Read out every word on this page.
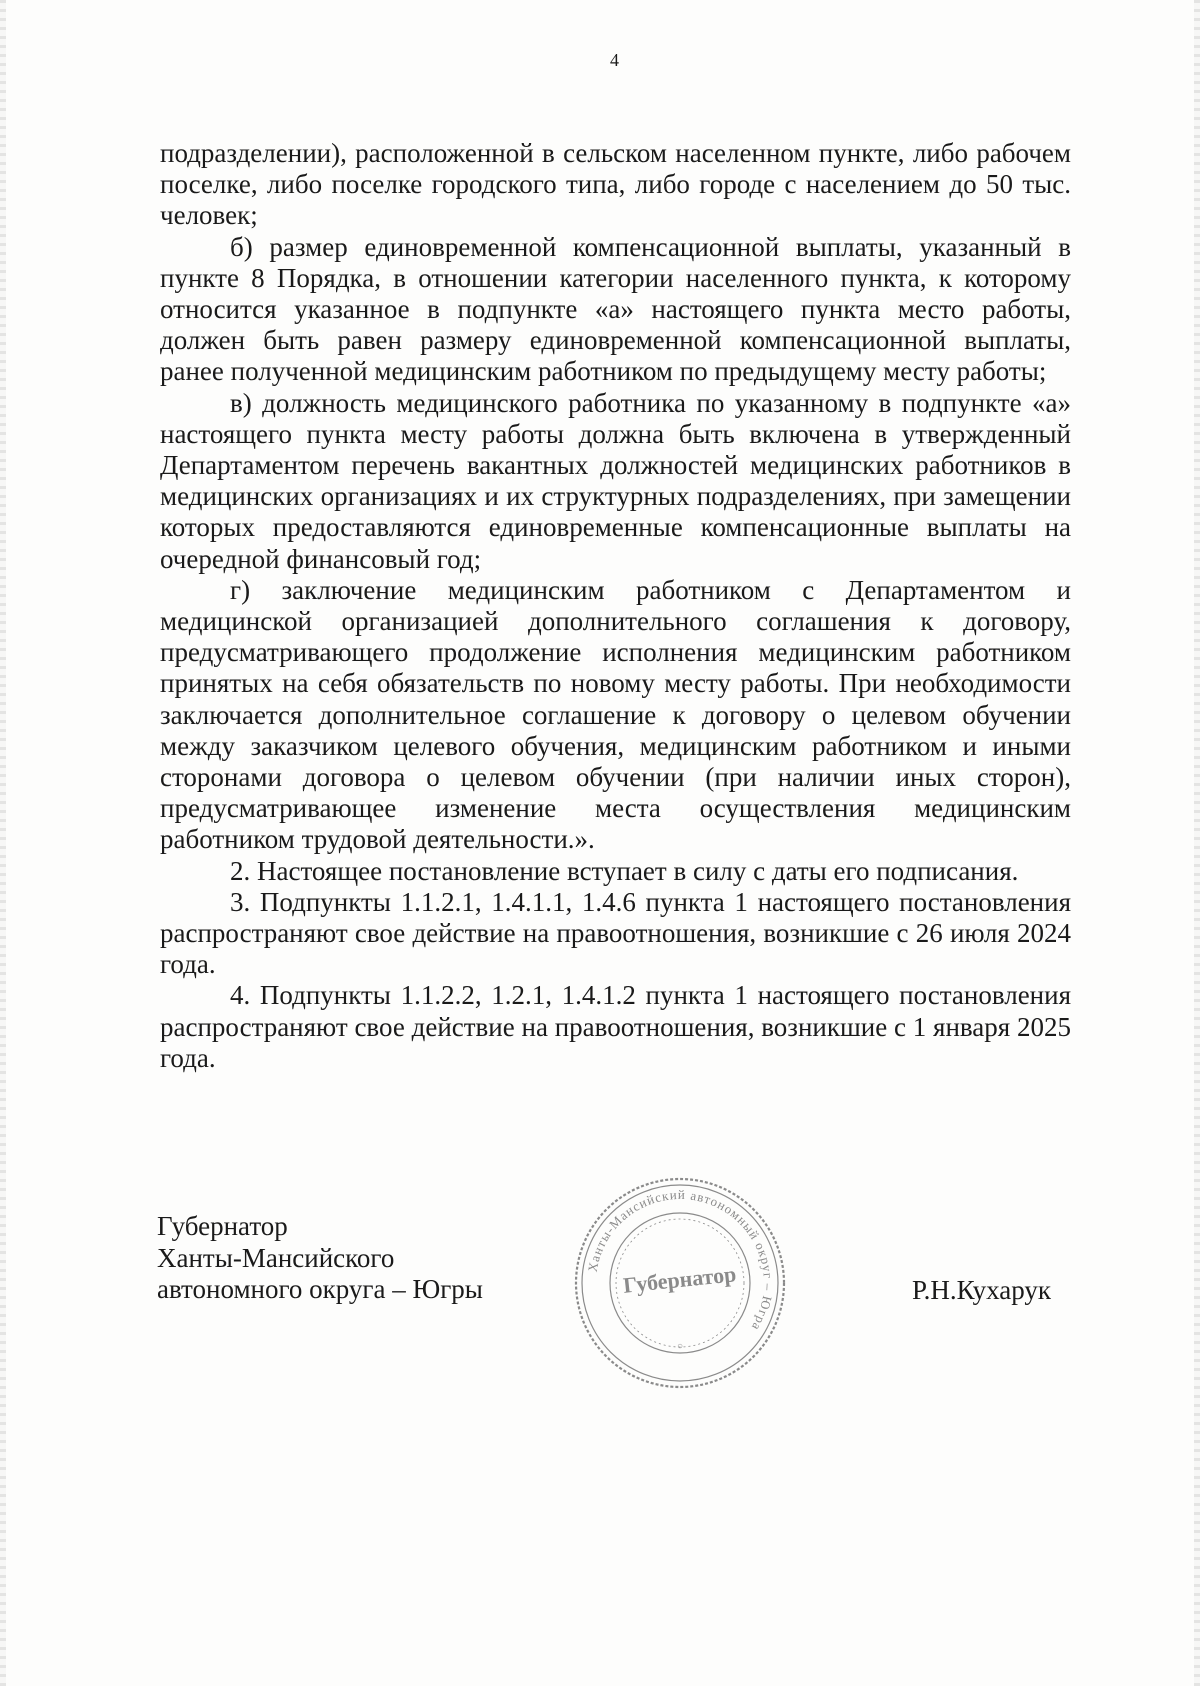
4

подразделении), расположенной в сельском населенном пункте, либо рабочем поселке, либо поселке городского типа, либо городе с населением до 50 тыс. человек;

б) размер единовременной компенсационной выплаты, указанный в пункте 8 Порядка, в отношении категории населенного пункта, к которому относится указанное в подпункте «а» настоящего пункта место работы, должен быть равен размеру единовременной компенсационной выплаты, ранее полученной медицинским работником по предыдущему месту работы;

в) должность медицинского работника по указанному в подпункте «а» настоящего пункта месту работы должна быть включена в утвержденный Департаментом перечень вакантных должностей медицинских работников в медицинских организациях и их структурных подразделениях, при замещении которых предоставляются единовременные компенсационные выплаты на очередной финансовый год;

г) заключение медицинским работником с Департаментом и медицинской организацией дополнительного соглашения к договору, предусматривающего продолжение исполнения медицинским работником принятых на себя обязательств по новому месту работы. При необходимости заключается дополнительное соглашение к договору о целевом обучении между заказчиком целевого обучения, медицинским работником и иными сторонами договора о целевом обучении (при наличии иных сторон), предусматривающее изменение места осуществления медицинским работником трудовой деятельности.».

2. Настоящее постановление вступает в силу с даты его подписания.

3. Подпункты 1.1.2.1, 1.4.1.1, 1.4.6 пункта 1 настоящего постановления распространяют свое действие на правоотношения, возникшие с 26 июля 2024 года.

4. Подпункты 1.1.2.2, 1.2.1, 1.4.1.2 пункта 1 настоящего постановления распространяют свое действие на правоотношения, возникшие с 1 января 2025 года.

Губернатор
Ханты-Мансийского
автономного округа – Югры
Ханты-Мансийский автономный округ – Югра
Губернатор
○
Р.Н.Кухарук
